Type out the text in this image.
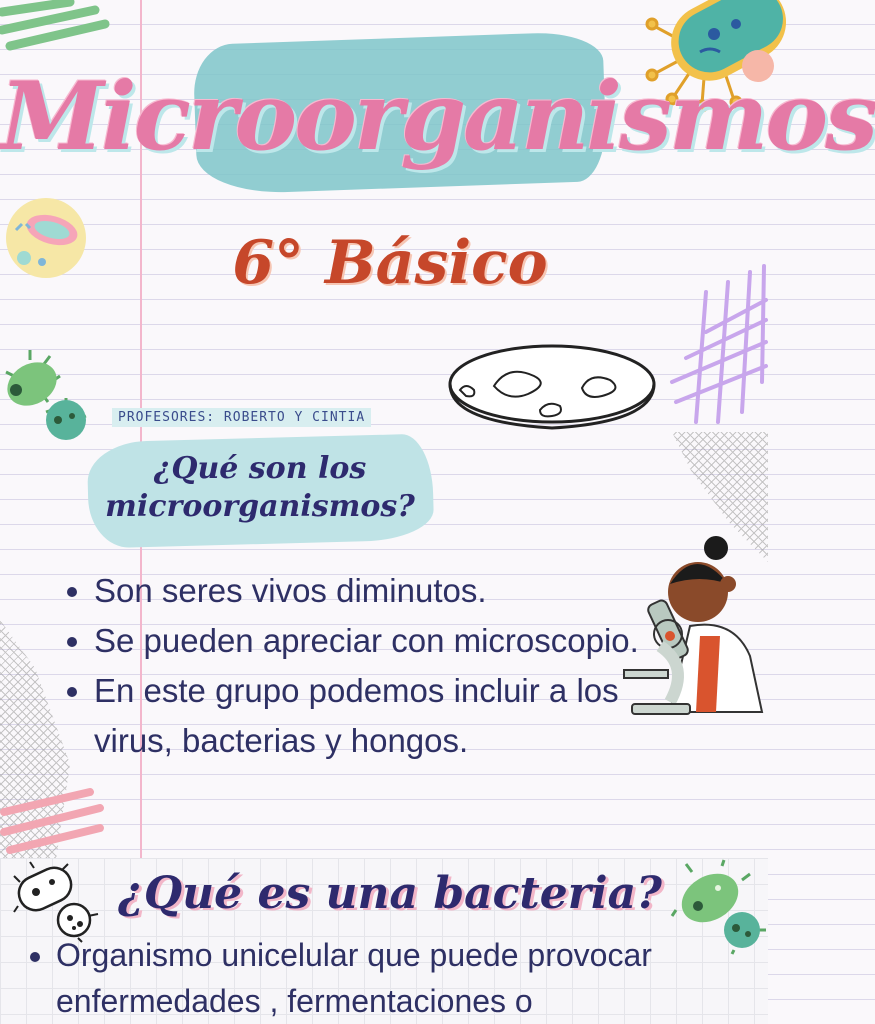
Microorganismos
6° Básico
PROFESORES: ROBERTO Y CINTIA
¿Qué son los microorganismos?
• Son seres vivos diminutos.
• Se pueden apreciar con microscopio.
• En este grupo podemos incluir a los virus, bacterias y hongos.
¿Qué es una bacteria?
• Organismo unicelular que puede provocar enfermedades , fermentaciones o
